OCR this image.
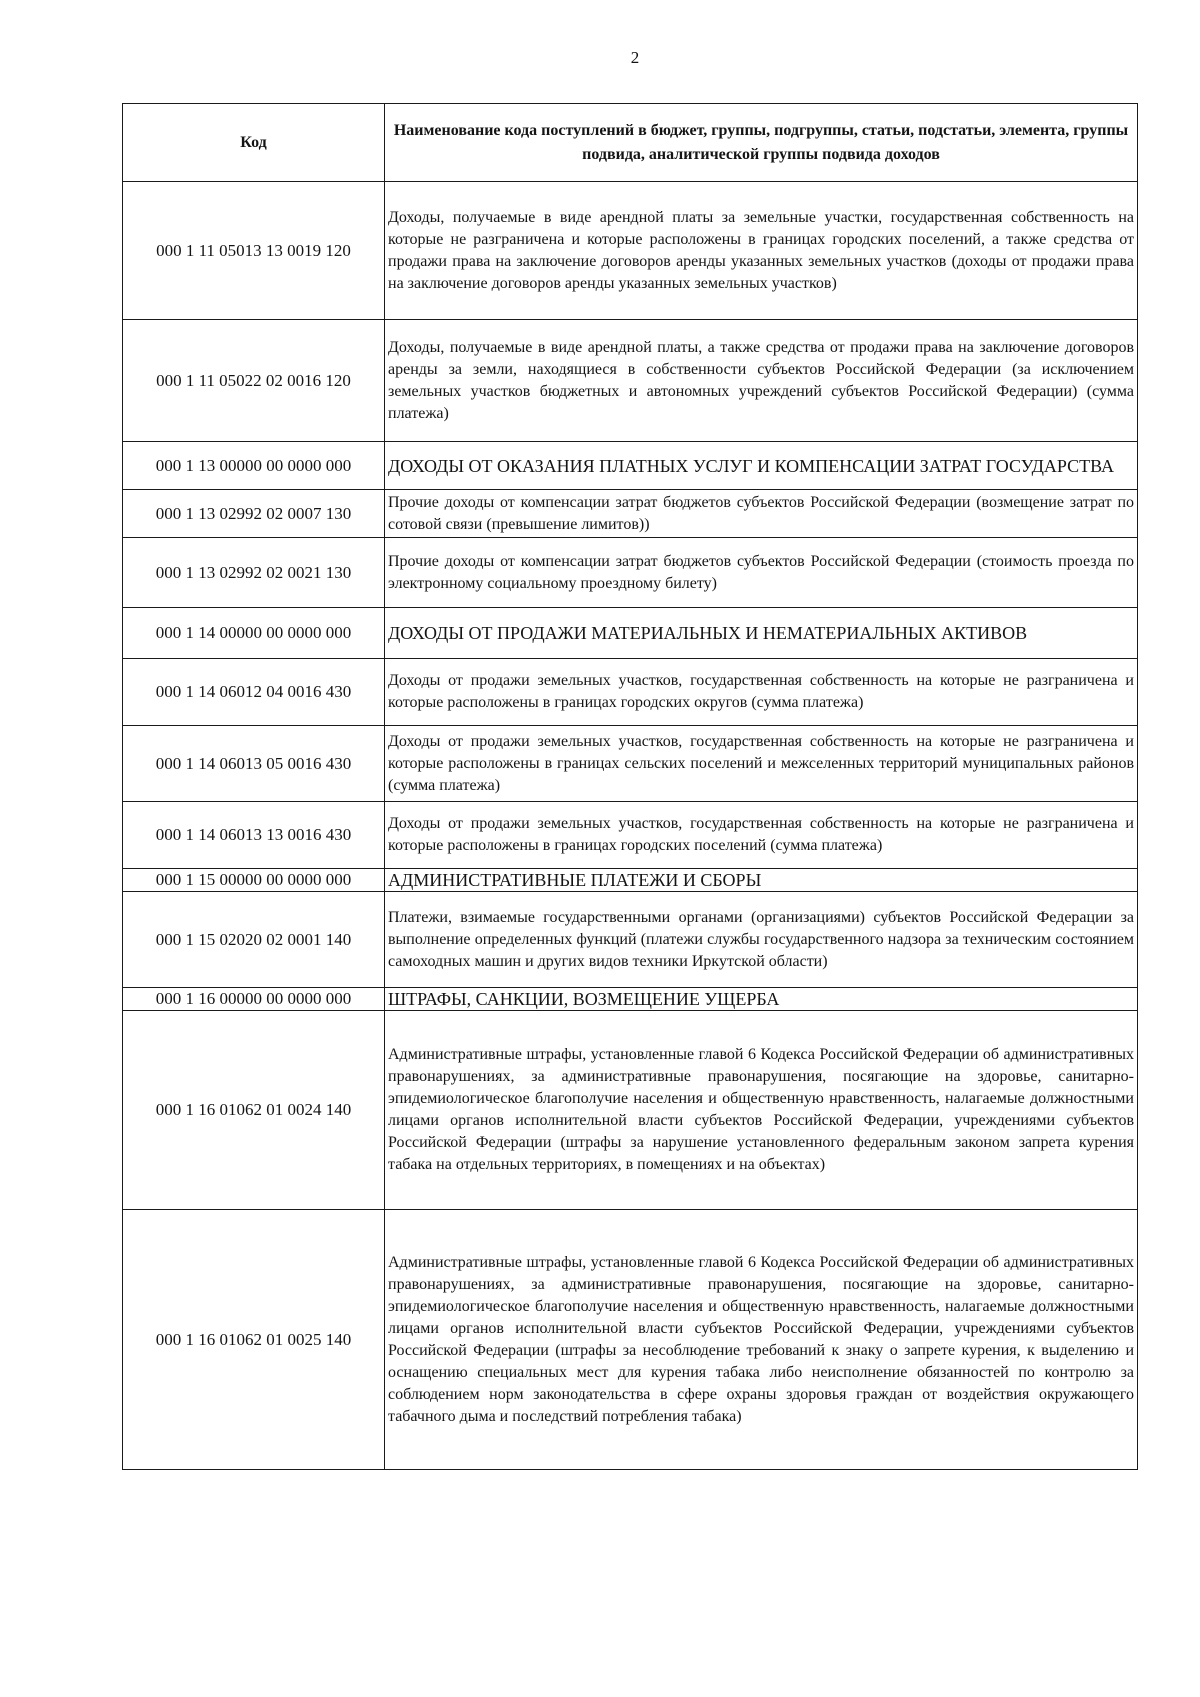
2
Код	Наименование кода поступлений в бюджет, группы, подгруппы, статьи, подстатьи, элемента, группы подвида, аналитической группы подвида доходов
000 1 11 05013 13 0019 120	Доходы, получаемые в виде арендной платы за земельные участки, государственная собственность на которые не разграничена и которые расположены в границах городских поселений, а также средства от продажи права на заключение договоров аренды указанных земельных участков (доходы от продажи права на заключение договоров аренды указанных земельных участков)
000 1 11 05022 02 0016 120	Доходы, получаемые в виде арендной платы, а также средства от продажи права на заключение договоров аренды за земли, находящиеся в собственности субъектов Российской Федерации (за исключением земельных участков бюджетных и автономных учреждений субъектов Российской Федерации) (сумма платежа)
000 1 13 00000 00 0000 000	ДОХОДЫ ОТ ОКАЗАНИЯ ПЛАТНЫХ УСЛУГ И КОМПЕНСАЦИИ ЗАТРАТ ГОСУДАРСТВА
000 1 13 02992 02 0007 130	Прочие доходы от компенсации затрат бюджетов субъектов Российской Федерации (возмещение затрат по сотовой связи (превышение лимитов))
000 1 13 02992 02 0021 130	Прочие доходы от компенсации затрат бюджетов субъектов Российской Федерации (стоимость проезда по электронному социальному проездному билету)
000 1 14 00000 00 0000 000	ДОХОДЫ ОТ ПРОДАЖИ МАТЕРИАЛЬНЫХ И НЕМАТЕРИАЛЬНЫХ АКТИВОВ
000 1 14 06012 04 0016 430	Доходы от продажи земельных участков, государственная собственность на которые не разграничена и которые расположены в границах городских округов (сумма платежа)
000 1 14 06013 05 0016 430	Доходы от продажи земельных участков, государственная собственность на которые не разграничена и которые расположены в границах сельских поселений и межселенных территорий муниципальных районов (сумма платежа)
000 1 14 06013 13 0016 430	Доходы от продажи земельных участков, государственная собственность на которые не разграничена и которые расположены в границах городских поселений (сумма платежа)
000 1 15 00000 00 0000 000	АДМИНИСТРАТИВНЫЕ ПЛАТЕЖИ И СБОРЫ
000 1 15 02020 02 0001 140	Платежи, взимаемые государственными органами (организациями) субъектов Российской Федерации за выполнение определенных функций (платежи службы государственного надзора за техническим состоянием самоходных машин и других видов техники Иркутской области)
000 1 16 00000 00 0000 000	ШТРАФЫ, САНКЦИИ, ВОЗМЕЩЕНИЕ УЩЕРБА
000 1 16 01062 01 0024 140	Административные штрафы, установленные главой 6 Кодекса Российской Федерации об административных правонарушениях, за административные правонарушения, посягающие на здоровье, санитарно-эпидемиологическое благополучие населения и общественную нравственность, налагаемые должностными лицами органов исполнительной власти субъектов Российской Федерации, учреждениями субъектов Российской Федерации (штрафы за нарушение установленного федеральным законом запрета курения табака на отдельных территориях, в помещениях и на объектах)
000 1 16 01062 01 0025 140	Административные штрафы, установленные главой 6 Кодекса Российской Федерации об административных правонарушениях, за административные правонарушения, посягающие на здоровье, санитарно-эпидемиологическое благополучие населения и общественную нравственность, налагаемые должностными лицами органов исполнительной власти субъектов Российской Федерации, учреждениями субъектов Российской Федерации (штрафы за несоблюдение требований к знаку о запрете курения, к выделению и оснащению специальных мест для курения табака либо неисполнение обязанностей по контролю за соблюдением норм законодательства в сфере охраны здоровья граждан от воздействия окружающего табачного дыма и последствий потребления табака)
